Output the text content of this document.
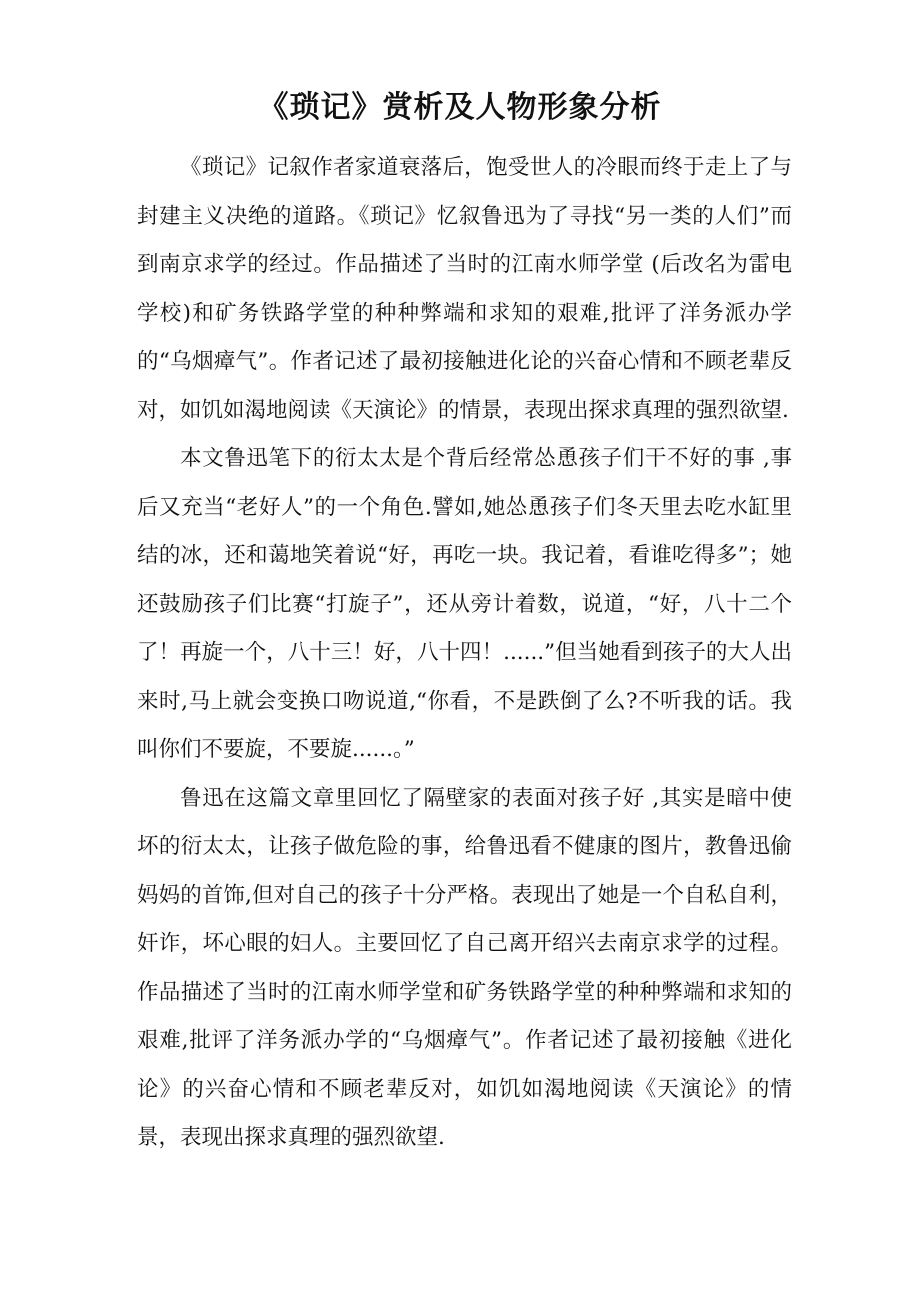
《琐记》赏析及人物形象分析

《琐记》记叙作者家道衰落后，饱受世人的冷眼而终于走上了与封建主义决绝的道路。《琐记》忆叙鲁迅为了寻找“另一类的人们”而到南京求学的经过。作品描述了当时的江南水师学堂 (后改名为雷电学校)和矿务铁路学堂的种种弊端和求知的艰难,批评了洋务派办学的“乌烟瘴气”。作者记述了最初接触进化论的兴奋心情和不顾老辈反对，如饥如渴地阅读《天演论》的情景，表现出探求真理的强烈欲望.

本文鲁迅笔下的衍太太是个背后经常怂恿孩子们干不好的事 ,事后又充当“老好人”的一个角色.譬如,她怂恿孩子们冬天里去吃水缸里结的冰，还和蔼地笑着说“好，再吃一块。我记着，看谁吃得多”；她还鼓励孩子们比赛“打旋子”，还从旁计着数，说道，“好，八十二个了！再旋一个，八十三！好，八十四！......”但当她看到孩子的大人出来时,马上就会变换口吻说道,“你看，不是跌倒了么?不听我的话。我叫你们不要旋，不要旋......。”

鲁迅在这篇文章里回忆了隔壁家的表面对孩子好 ,其实是暗中使坏的衍太太，让孩子做危险的事，给鲁迅看不健康的图片，教鲁迅偷妈妈的首饰,但对自己的孩子十分严格。表现出了她是一个自私自利，奸诈，坏心眼的妇人。主要回忆了自己离开绍兴去南京求学的过程。作品描述了当时的江南水师学堂和矿务铁路学堂的种种弊端和求知的艰难,批评了洋务派办学的“乌烟瘴气”。作者记述了最初接触《进化论》的兴奋心情和不顾老辈反对，如饥如渴地阅读《天演论》的情景，表现出探求真理的强烈欲望.
